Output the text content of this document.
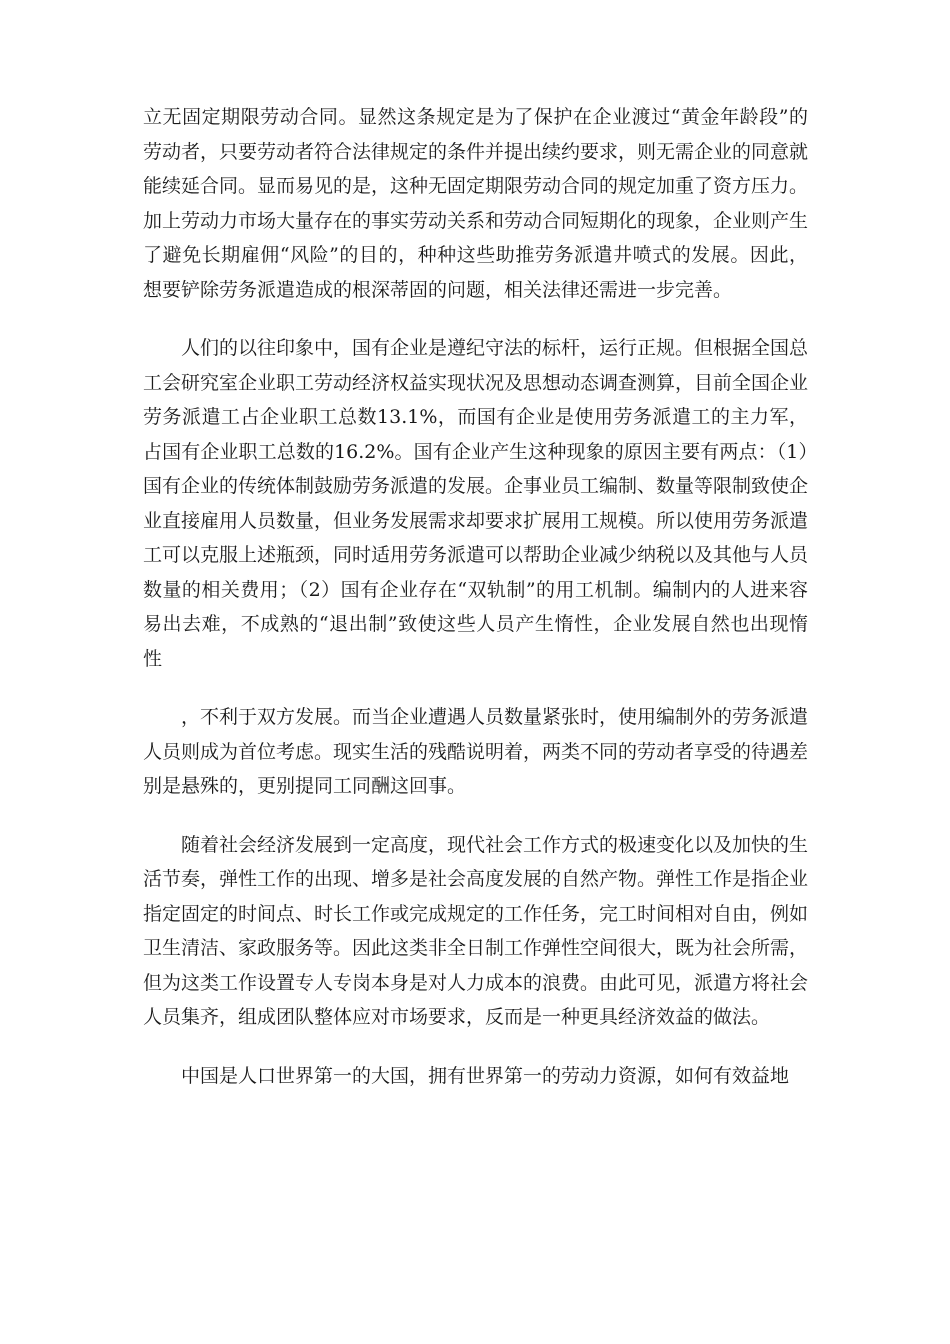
立无固定期限劳动合同。显然这条规定是为了保护在企业渡过“黄金年龄段”的劳动者，只要劳动者符合法律规定的条件并提出续约要求，则无需企业的同意就能续延合同。显而易见的是，这种无固定期限劳动合同的规定加重了资方压力。加上劳动力市场大量存在的事实劳动关系和劳动合同短期化的现象，企业则产生了避免长期雇佣“风险”的目的，种种这些助推劳务派遣井喷式的发展。因此，想要铲除劳务派遣造成的根深蒂固的问题，相关法律还需进一步完善。

人们的以往印象中，国有企业是遵纪守法的标杆，运行正规。但根据全国总工会研究室企业职工劳动经济权益实现状况及思想动态调查测算，目前全国企业劳务派遣工占企业职工总数13.1%，而国有企业是使用劳务派遣工的主力军，占国有企业职工总数的16.2%。国有企业产生这种现象的原因主要有两点：（1）国有企业的传统体制鼓励劳务派遣的发展。企事业员工编制、数量等限制致使企业直接雇用人员数量，但业务发展需求却要求扩展用工规模。所以使用劳务派遣工可以克服上述瓶颈，同时适用劳务派遣可以帮助企业减少纳税以及其他与人员数量的相关费用；（2）国有企业存在“双轨制”的用工机制。编制内的人进来容易出去难，不成熟的“退出制”致使这些人员产生惰性，企业发展自然也出现惰性

，不利于双方发展。而当企业遭遇人员数量紧张时，使用编制外的劳务派遣人员则成为首位考虑。现实生活的残酷说明着，两类不同的劳动者享受的待遇差别是悬殊的，更别提同工同酬这回事。

随着社会经济发展到一定高度，现代社会工作方式的极速变化以及加快的生活节奏，弹性工作的出现、增多是社会高度发展的自然产物。弹性工作是指企业指定固定的时间点、时长工作或完成规定的工作任务，完工时间相对自由，例如卫生清洁、家政服务等。因此这类非全日制工作弹性空间很大，既为社会所需，但为这类工作设置专人专岗本身是对人力成本的浪费。由此可见，派遣方将社会人员集齐，组成团队整体应对市场要求，反而是一种更具经济效益的做法。

中国是人口世界第一的大国，拥有世界第一的劳动力资源，如何有效益地
